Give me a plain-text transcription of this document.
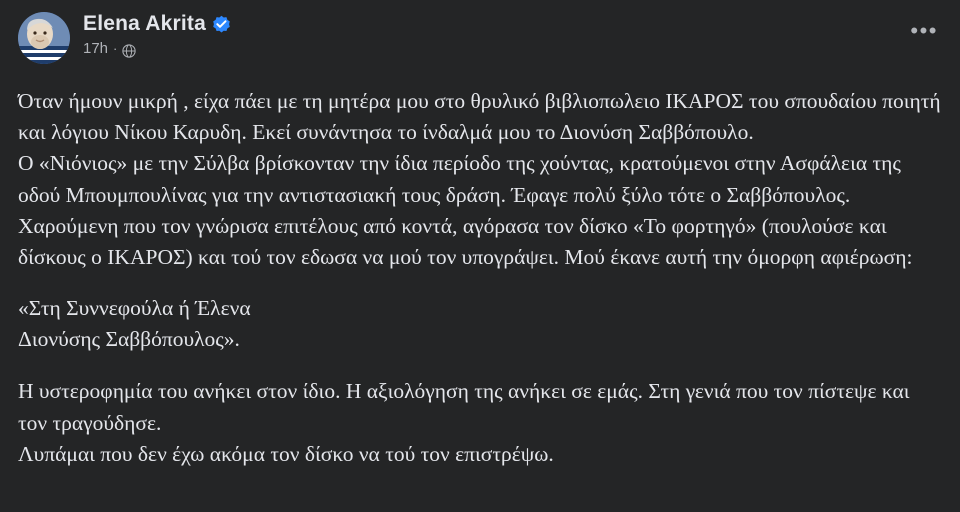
Elena Akrita
17h ·
•••

Όταν ήμουν μικρή , είχα πάει με τη μητέρα μου στο θρυλικό βιβλιοπωλειο ΙΚΑΡΟΣ του σπουδαίου ποιητή και λόγιου Νίκου Καρυδη. Εκεί συνάντησα το ίνδαλμά μου το Διονύση Σαββόπουλο.

Ο «Νιόνιος» με την Σύλβα βρίσκονταν την ίδια περίοδο της χούντας, κρατούμενοι στην Ασφάλεια της οδού Μπουμπουλίνας για την αντιστασιακή τους δράση. Έφαγε πολύ ξύλο τότε ο Σαββόπουλος.

Χαρούμενη που τον γνώρισα επιτέλους από κοντά, αγόρασα τον δίσκο «Το φορτηγό» (πουλούσε και δίσκους ο ΙΚΑΡΟΣ) και τού τον εδωσα να μού τον υπογράψει. Μού έκανε αυτή την όμορφη αφιέρωση:

«Στη Συννεφούλα ή Έλενα

Διονύσης Σαββόπουλος».

Η υστεροφημία του ανήκει στον ίδιο. Η αξιολόγηση της ανήκει σε εμάς. Στη γενιά που τον πίστεψε και τον τραγούδησε.

Λυπάμαι που δεν έχω ακόμα τον δίσκο να τού τον επιστρέψω.
